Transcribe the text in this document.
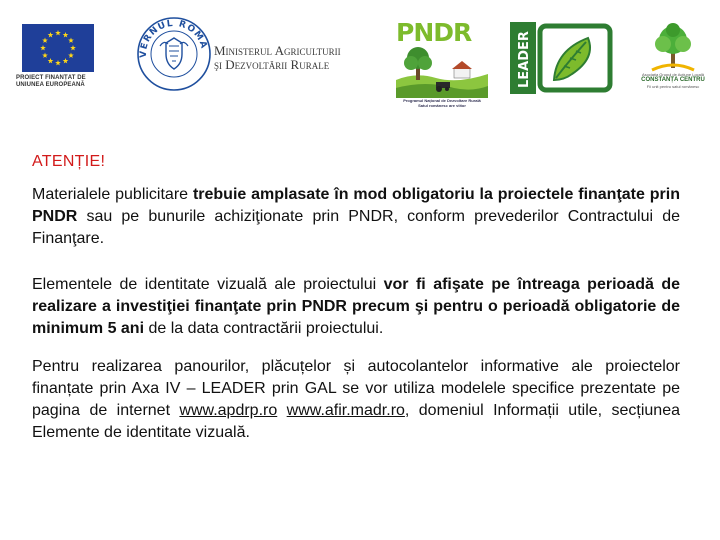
PROIECT FINANȚAT DE
UNIUNEA EUROPEANĂ
VERNUL ROMÂ Ministerul Agriculturii
şi Dezvoltării Rurale
PNDR
Programul Național de Dezvoltare Rurală
Satul românesc are viitor
LEADER	Asociația Grupul de Acțiune Locală
CONSTANȚA CENTRU
Fii unit pentru satul românesc
ATENȚIE!
Materialele publicitare trebuie amplasate în mod obligatoriu la proiectele finanţate prin PNDR sau pe bunurile achiziţionate prin PNDR, conform prevederilor Contractului de Finanţare.
Elementele de identitate vizuală ale proiectului vor fi afişate pe întreaga perioadă de realizare a investiţiei finanţate prin PNDR precum şi pentru o perioadă obligatorie de minimum 5 ani de la data contractării proiectului.
Pentru realizarea panourilor, plăcuțelor și autocolantelor informative ale proiectelor finanțate prin Axa IV – LEADER prin GAL se vor utiliza modelele specifice prezentate pe pagina de internet www.apdrp.ro www.afir.madr.ro, domeniul Informații utile, secțiunea Elemente de identitate vizuală.
